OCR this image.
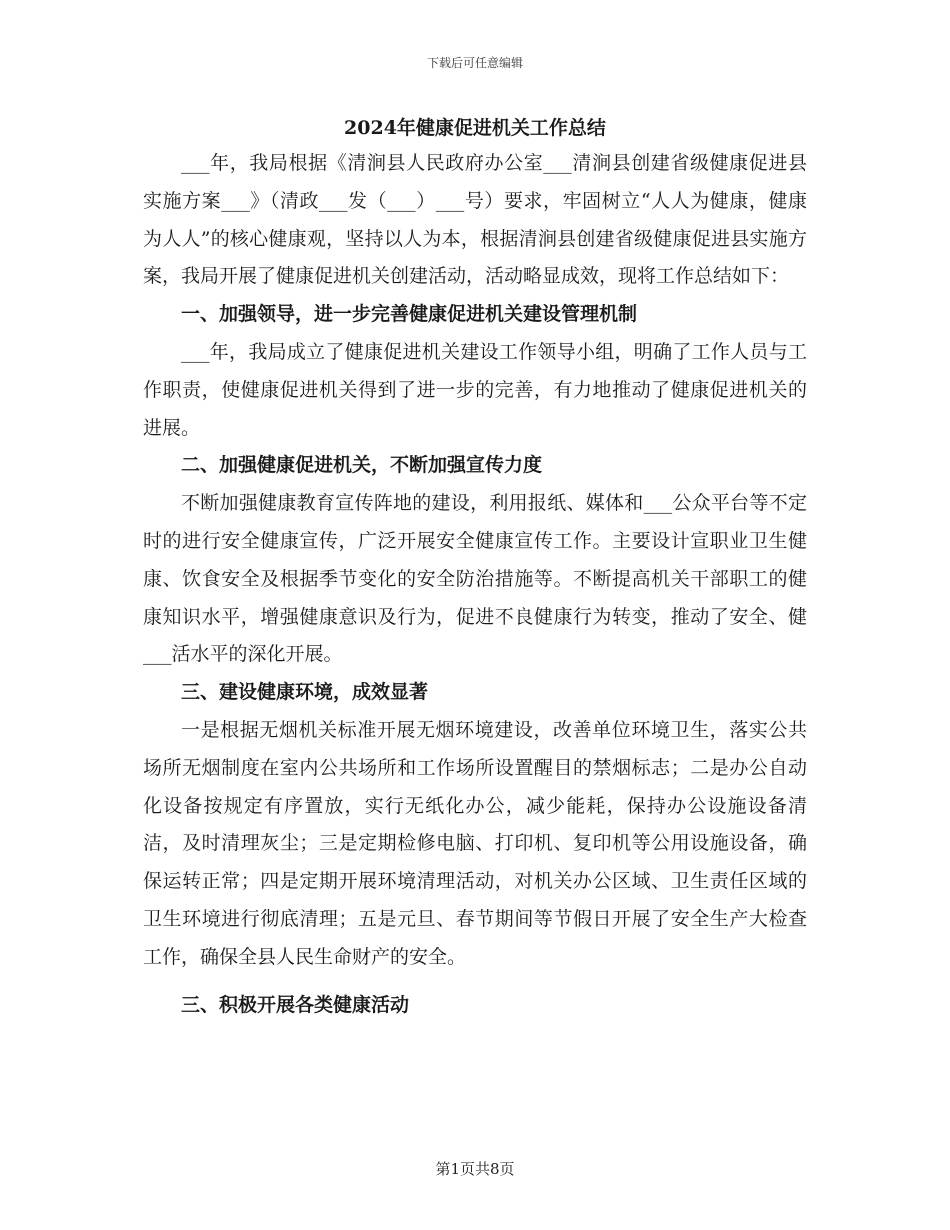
下载后可任意编辑
2024年健康促进机关工作总结

___年，我局根据《清涧县人民政府办公室___清涧县创建省级健康促进县实施方案___》（清政___发（___）___号）要求，牢固树立“人人为健康，健康为人人”的核心健康观，坚持以人为本，根据清涧县创建省级健康促进县实施方案，我局开展了健康促进机关创建活动，活动略显成效，现将工作总结如下：

一、加强领导，进一步完善健康促进机关建设管理机制

___年，我局成立了健康促进机关建设工作领导小组，明确了工作人员与工作职责，使健康促进机关得到了进一步的完善，有力地推动了健康促进机关的进展。

二、加强健康促进机关，不断加强宣传力度

不断加强健康教育宣传阵地的建设，利用报纸、媒体和___公众平台等不定时的进行安全健康宣传，广泛开展安全健康宣传工作。主要设计宣职业卫生健康、饮食安全及根据季节变化的安全防治措施等。不断提高机关干部职工的健康知识水平，增强健康意识及行为，促进不良健康行为转变，推动了安全、健___活水平的深化开展。

三、建设健康环境，成效显著

一是根据无烟机关标准开展无烟环境建设，改善单位环境卫生，落实公共场所无烟制度在室内公共场所和工作场所设置醒目的禁烟标志；二是办公自动化设备按规定有序置放，实行无纸化办公，减少能耗，保持办公设施设备清洁，及时清理灰尘；三是定期检修电脑、打印机、复印机等公用设施设备，确保运转正常；四是定期开展环境清理活动，对机关办公区域、卫生责任区域的卫生环境进行彻底清理；五是元旦、春节期间等节假日开展了安全生产大检查工作，确保全县人民生命财产的安全。

三、积极开展各类健康活动

第1页共8页
